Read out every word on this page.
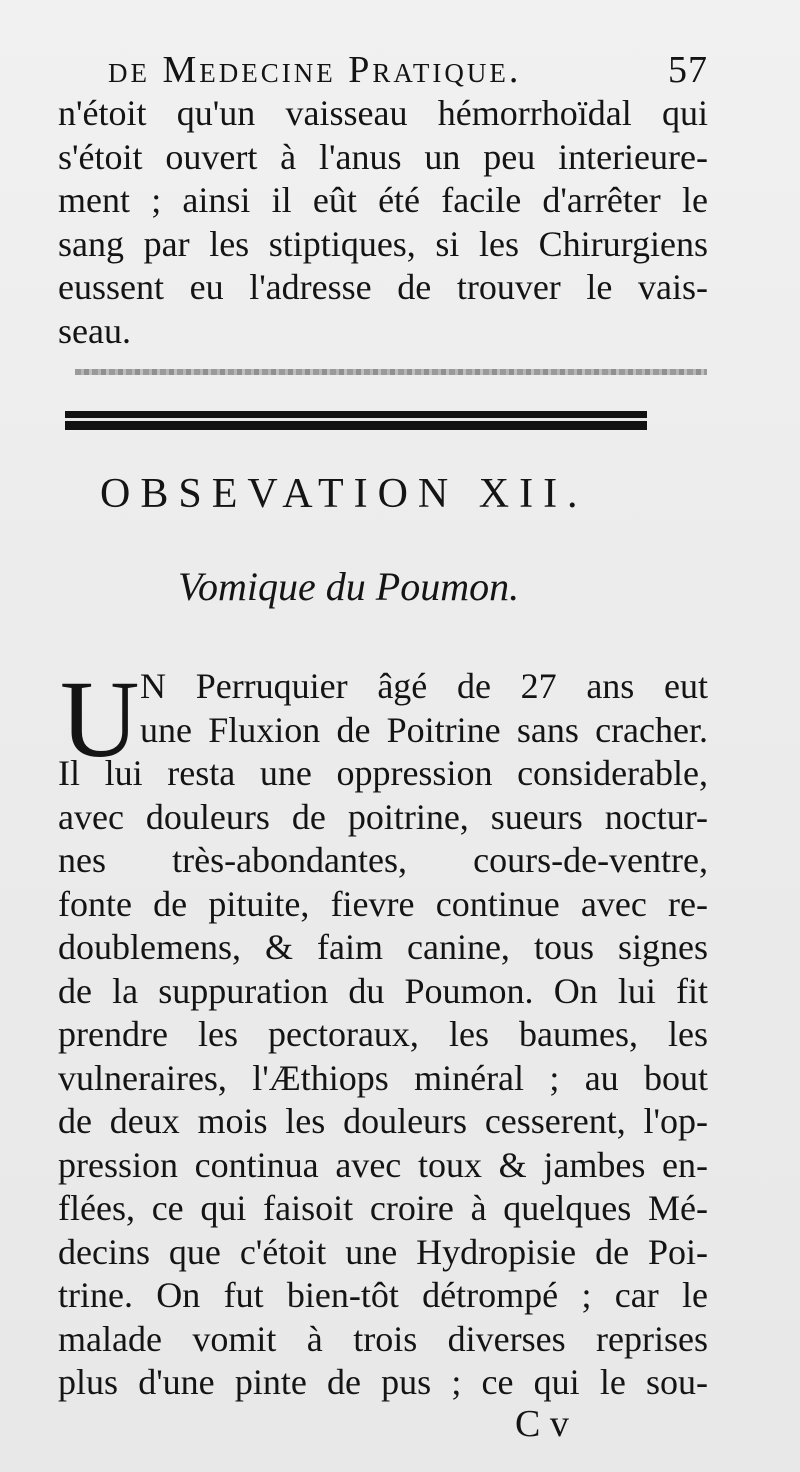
de Medecine Pratique.	57
n'étoit qu'un vaisseau hémorrhoïdal qui
s'étoit ouvert à l'anus un peu interieure-
ment ; ainsi il eût été facile d'arrêter le
sang par les stiptiques, si les Chirurgiens
eussent eu l'adresse de trouver le vais-
seau.
OBSEVATION XII.
Vomique du Poumon.
U N Perruquier âgé de 27 ans eut
une Fluxion de Poitrine sans cracher.
Il lui resta une oppression considerable,
avec douleurs de poitrine, sueurs noctur-
nes très-abondantes, cours-de-ventre,
fonte de pituite, fievre continue avec re-
doublemens, & faim canine, tous signes
de la suppuration du Poumon. On lui fit
prendre les pectoraux, les baumes, les
vulneraires, l'Æthiops minéral ; au bout
de deux mois les douleurs cesserent, l'op-
pression continua avec toux & jambes en-
flées, ce qui faisoit croire à quelques Mé-
decins que c'étoit une Hydropisie de Poi-
trine. On fut bien-tôt détrompé ; car le
malade vomit à trois diverses reprises
plus d'une pinte de pus ; ce qui le sou-
C v
